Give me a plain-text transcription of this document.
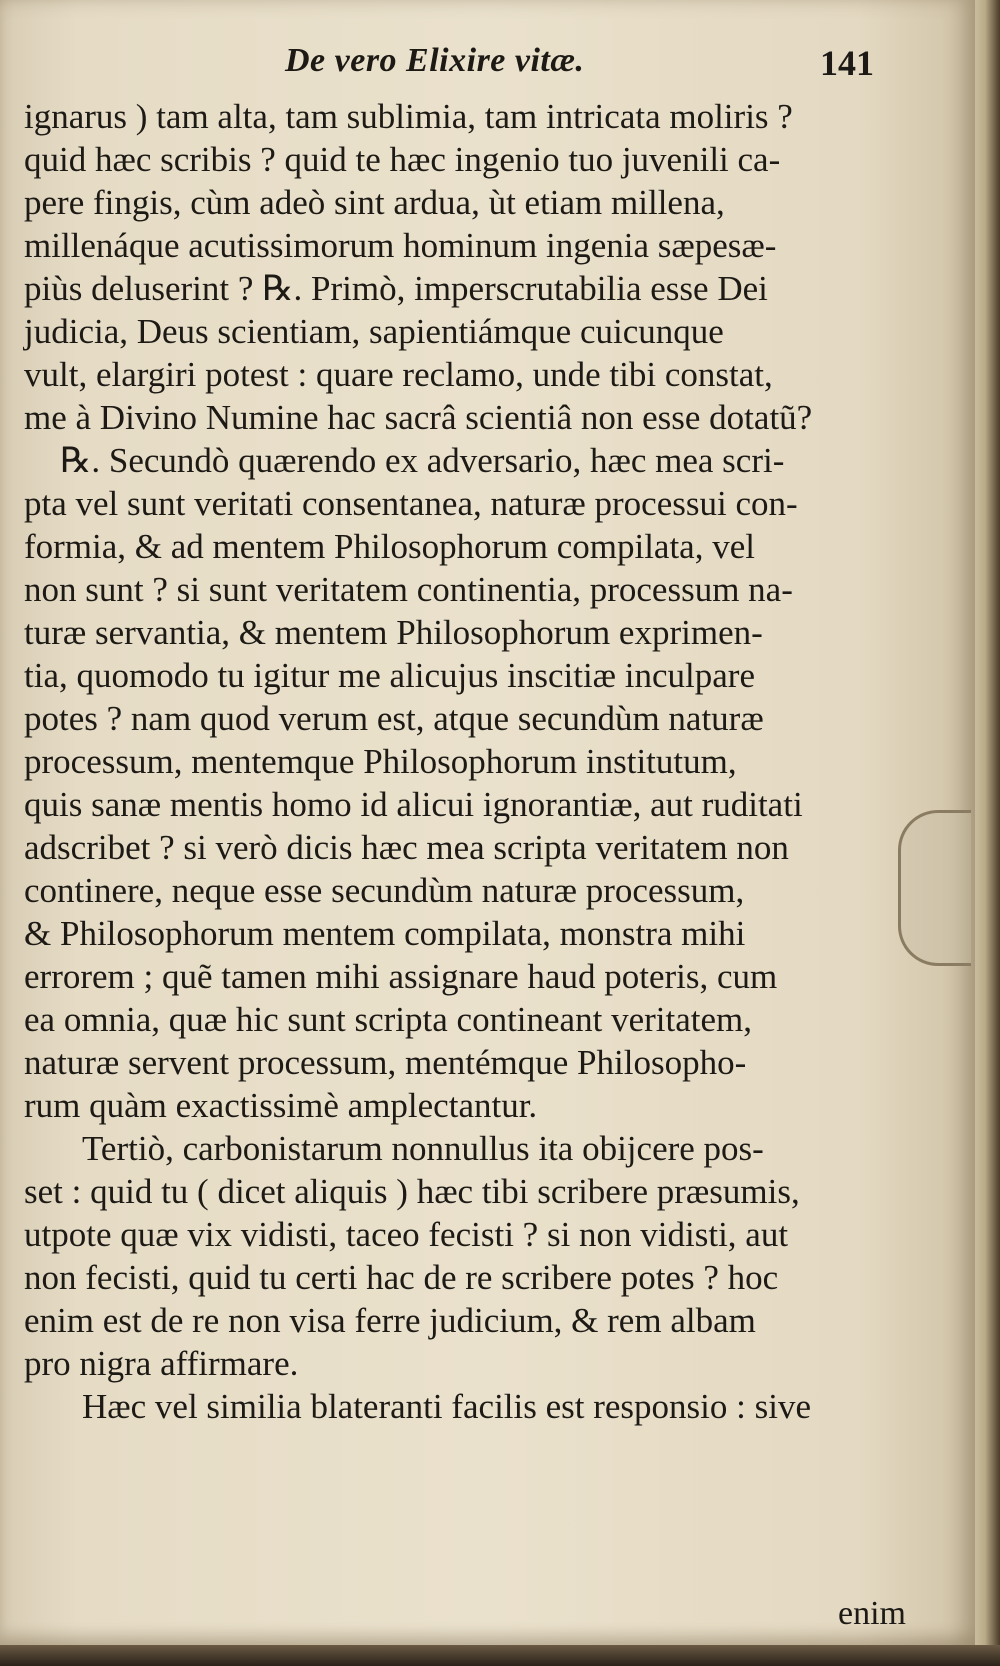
De vero Elixire vitæ.	141
ignarus ) tam alta, tam sublimia, tam intricata moliris ?
quid hæc scribis ? quid te hæc ingenio tuo juvenili ca-
pere fingis, cùm adeò sint ardua, ùt etiam millena,
millenáque acutissimorum hominum ingenia sæpesæ-
piùs deluserint ? ℞. Primò, imperscrutabilia esse Dei
judicia, Deus scientiam, sapientiámque cuicunque
vult, elargiri potest : quare reclamo, unde tibi constat,
me à Divino Numine hac sacrâ scientiâ non esse dotatũ?
℞. Secundò quærendo ex adversario, hæc mea scri-
pta vel sunt veritati consentanea, naturæ processui con-
formia, & ad mentem Philosophorum compilata, vel
non sunt ? si sunt veritatem continentia, processum na-
turæ servantia, & mentem Philosophorum exprimen-
tia, quomodo tu igitur me alicujus inscitiæ inculpare
potes ? nam quod verum est, atque secundùm naturæ
processum, mentemque Philosophorum institutum,
quis sanæ mentis homo id alicui ignorantiæ, aut ruditati
adscribet ? si verò dicis hæc mea scripta veritatem non
continere, neque esse secundùm naturæ processum,
& Philosophorum mentem compilata, monstra mihi
errorem ; quẽ tamen mihi assignare haud poteris, cum
ea omnia, quæ hic sunt scripta contineant veritatem,
naturæ servent processum, mentémque Philosopho-
rum quàm exactissimè amplectantur.
Tertiò, carbonistarum nonnullus ita obijcere pos-
set : quid tu ( dicet aliquis ) hæc tibi scribere præsumis,
utpote quæ vix vidisti, taceo fecisti ? si non vidisti, aut
non fecisti, quid tu certi hac de re scribere potes ? hoc
enim est de re non visa ferre judicium, & rem albam
pro nigra affirmare.
Hæc vel similia blateranti facilis est responsio : sive
enim
